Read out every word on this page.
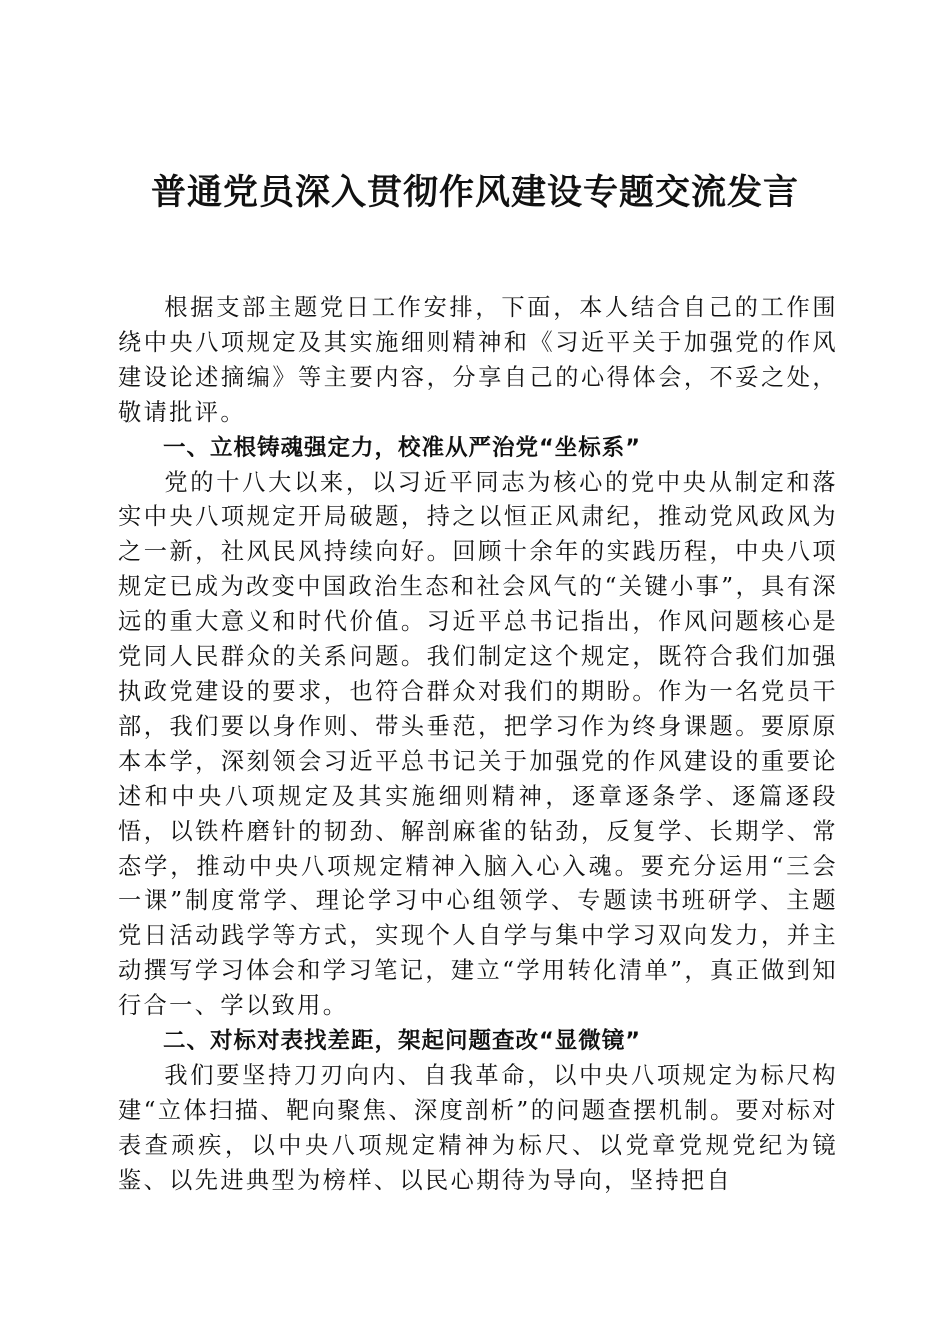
普通党员深入贯彻作风建设专题交流发言

根据支部主题党日工作安排，下面，本人结合自己的工作围绕中央八项规定及其实施细则精神和《习近平关于加强党的作风建设论述摘编》等主要内容，分享自己的心得体会，不妥之处，敬请批评。

一、立根铸魂强定力，校准从严治党“坐标系”

党的十八大以来，以习近平同志为核心的党中央从制定和落实中央八项规定开局破题，持之以恒正风肃纪，推动党风政风为之一新，社风民风持续向好。回顾十余年的实践历程，中央八项规定已成为改变中国政治生态和社会风气的“关键小事”，具有深远的重大意义和时代价值。习近平总书记指出，作风问题核心是党同人民群众的关系问题。我们制定这个规定，既符合我们加强执政党建设的要求，也符合群众对我们的期盼。作为一名党员干部，我们要以身作则、带头垂范，把学习作为终身课题。要原原本本学，深刻领会习近平总书记关于加强党的作风建设的重要论述和中央八项规定及其实施细则精神，逐章逐条学、逐篇逐段悟，以铁杵磨针的韧劲、解剖麻雀的钻劲，反复学、长期学、常态学，推动中央八项规定精神入脑入心入魂。要充分运用“三会一课”制度常学、理论学习中心组领学、专题读书班研学、主题党日活动践学等方式，实现个人自学与集中学习双向发力，并主动撰写学习体会和学习笔记，建立“学用转化清单”，真正做到知行合一、学以致用。

二、对标对表找差距，架起问题查改“显微镜”

我们要坚持刀刃向内、自我革命，以中央八项规定为标尺构建“立体扫描、靶向聚焦、深度剖析”的问题查摆机制。要对标对表查顽疾，以中央八项规定精神为标尺、以党章党规党纪为镜鉴、以先进典型为榜样、以民心期待为导向，坚持把自
